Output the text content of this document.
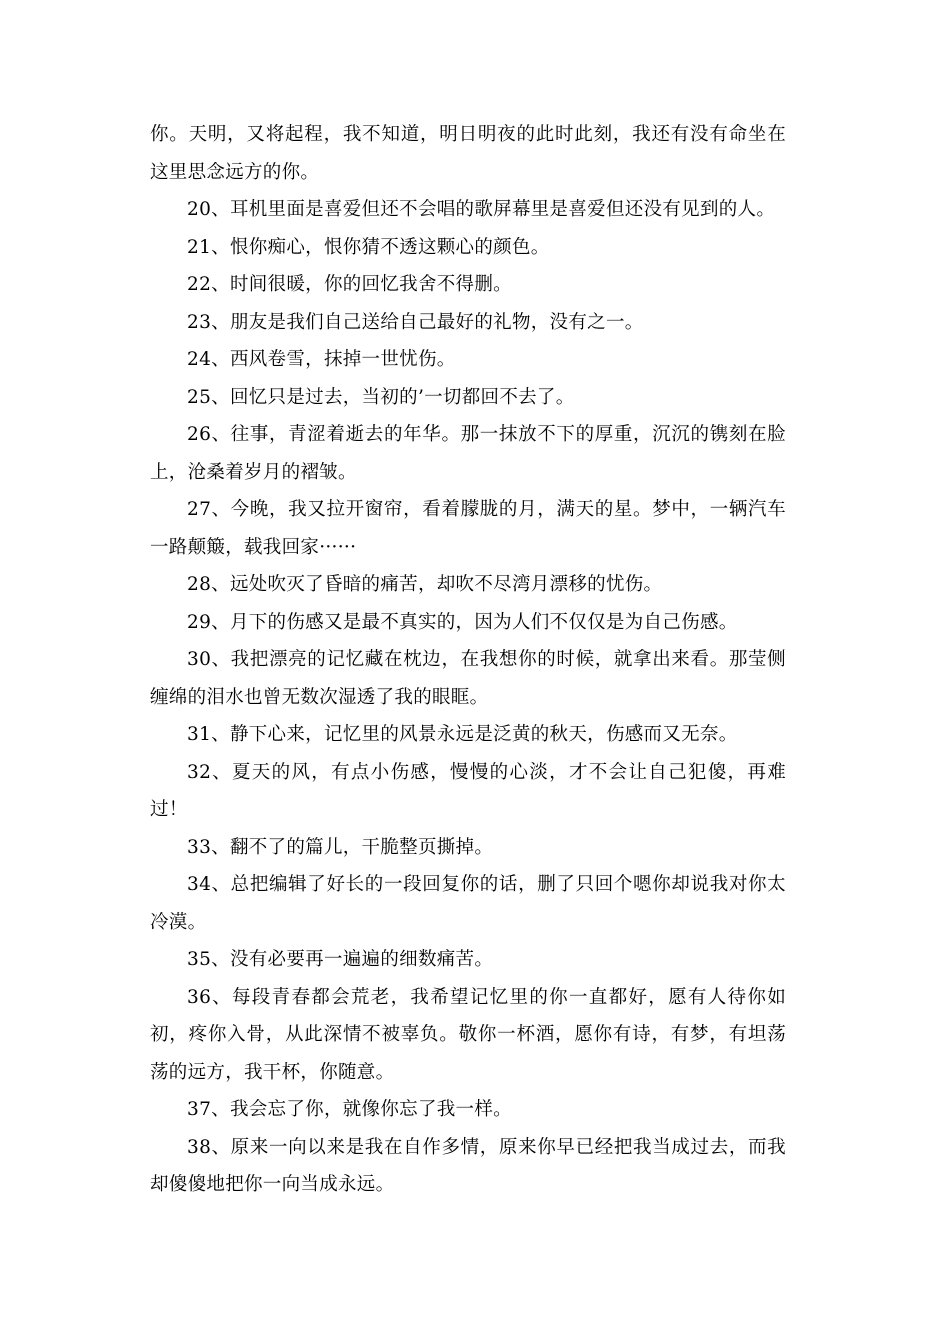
你。天明，又将起程，我不知道，明日明夜的此时此刻，我还有没有命坐在这里思念远方的你。

20、耳机里面是喜爱但还不会唱的歌屏幕里是喜爱但还没有见到的人。

21、恨你痴心，恨你猜不透这颗心的颜色。

22、时间很暖，你的回忆我舍不得删。

23、朋友是我们自己送给自己最好的礼物，没有之一。

24、西风卷雪，抹掉一世忧伤。

25、回忆只是过去，当初的’一切都回不去了。

26、往事，青涩着逝去的年华。那一抹放不下的厚重，沉沉的镌刻在脸上，沧桑着岁月的褶皱。

27、今晚，我又拉开窗帘，看着朦胧的月，满天的星。梦中，一辆汽车一路颠簸，载我回家······

28、远处吹灭了昏暗的痛苦，却吹不尽湾月漂移的忧伤。

29、月下的伤感又是最不真实的，因为人们不仅仅是为自己伤感。

30、我把漂亮的记忆藏在枕边，在我想你的时候，就拿出来看。那莹侧缠绵的泪水也曾无数次湿透了我的眼眶。

31、静下心来，记忆里的风景永远是泛黄的秋天，伤感而又无奈。

32、夏天的风，有点小伤感，慢慢的心淡，才不会让自己犯傻，再难过！

33、翻不了的篇儿，干脆整页撕掉。

34、总把编辑了好长的一段回复你的话，删了只回个嗯你却说我对你太冷漠。

35、没有必要再一遍遍的细数痛苦。

36、每段青春都会荒老，我希望记忆里的你一直都好，愿有人待你如初，疼你入骨，从此深情不被辜负。敬你一杯酒，愿你有诗，有梦，有坦荡荡的远方，我干杯，你随意。

37、我会忘了你，就像你忘了我一样。

38、原来一向以来是我在自作多情，原来你早已经把我当成过去，而我却傻傻地把你一向当成永远。
